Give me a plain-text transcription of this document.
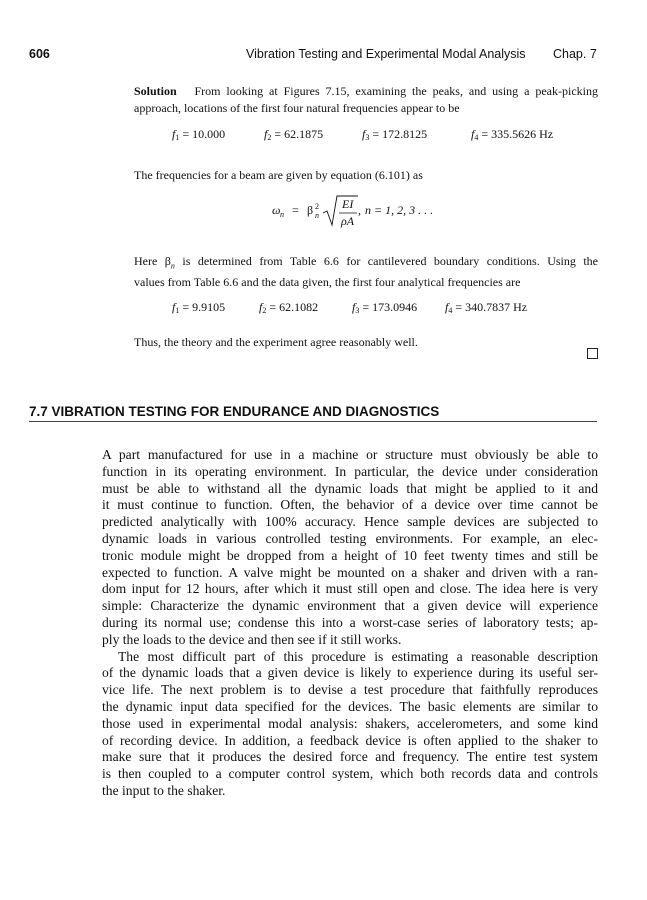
606	Vibration Testing and Experimental Modal Analysis Chap. 7
Solution From looking at Figures 7.15, examining the peaks, and using a peak-picking
approach, locations of the first four natural frequencies appear to be
$f_1 = 10.000$	$f_2 = 62.1875$	$f_3 = 172.8125$	$f_4 = 335.5626$ Hz
The frequencies for a beam are given by equation (6.101) as
ω n = β 2
n
EI
ρA
, n = 1, 2, 3 . . .
Here $\beta_n$ is determined from Table 6.6 for cantilevered boundary conditions. Using the
values from Table 6.6 and the data given, the first four analytical frequencies are
$f_1 = 9.9105$	$f_2 = 62.1082$	$f_3 = 173.0946$ $f_4 = 340.7837$ Hz
Thus, the theory and the experiment agree reasonably well.
7.7 VIBRATION TESTING FOR ENDURANCE AND DIAGNOSTICS
A part manufactured for use in a machine or structure must obviously be able to
function in its operating environment. In particular, the device under consideration
must be able to withstand all the dynamic loads that might be applied to it and
it must continue to function. Often, the behavior of a device over time cannot be
predicted analytically with 100% accuracy. Hence sample devices are subjected to
dynamic loads in various controlled testing environments. For example, an elec-
tronic module might be dropped from a height of 10 feet twenty times and still be
expected to function. A valve might be mounted on a shaker and driven with a ran-
dom input for 12 hours, after which it must still open and close. The idea here is very
simple: Characterize the dynamic environment that a given device will experience
during its normal use; condense this into a worst-case series of laboratory tests; ap-
ply the loads to the device and then see if it still works.
The most difficult part of this procedure is estimating a reasonable description
of the dynamic loads that a given device is likely to experience during its useful ser-
vice life. The next problem is to devise a test procedure that faithfully reproduces
the dynamic input data specified for the devices. The basic elements are similar to
those used in experimental modal analysis: shakers, accelerometers, and some kind
of recording device. In addition, a feedback device is often applied to the shaker to
make sure that it produces the desired force and frequency. The entire test system
is then coupled to a computer control system, which both records data and controls
the input to the shaker.
